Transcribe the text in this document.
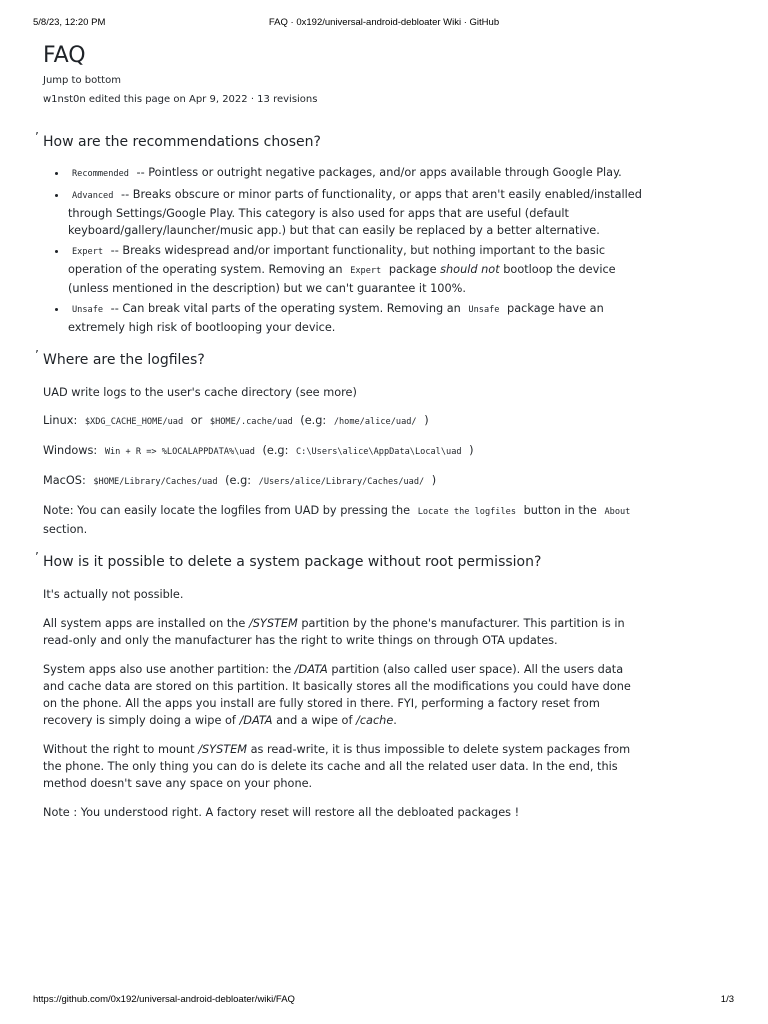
5/8/23, 12:20 PM	FAQ · 0x192/universal-android-debloater Wiki · GitHub
FAQ
Jump to bottom
w1nst0n edited this page on Apr 9, 2022 · 13 revisions
’ How are the recommendations chosen?
• Recommended -- Pointless or outright negative packages, and/or apps available through Google Play.
• Advanced -- Breaks obscure or minor parts of functionality, or apps that aren't easily enabled/installed through Settings/Google Play. This category is also used for apps that are useful (default keyboard/gallery/launcher/music app.) but that can easily be replaced by a better alternative.
• Expert -- Breaks widespread and/or important functionality, but nothing important to the basic operation of the operating system. Removing an Expert package should not bootloop the device (unless mentioned in the description) but we can't guarantee it 100%.
• Unsafe -- Can break vital parts of the operating system. Removing an Unsafe package have an extremely high risk of bootlooping your device.
’ Where are the logfiles?

UAD write logs to the user's cache directory (see more)

Linux: $XDG_CACHE_HOME/uad or $HOME/.cache/uad (e.g: /home/alice/uad/ )

Windows: Win + R => %LOCALAPPDATA%\uad (e.g: C:\Users\alice\AppData\Local\uad )

MacOS: $HOME/Library/Caches/uad (e.g: /Users/alice/Library/Caches/uad/ )

Note: You can easily locate the logfiles from UAD by pressing the Locate the logfiles button in the About section.

’ How is it possible to delete a system package without root permission?

It's actually not possible.

All system apps are installed on the /SYSTEM partition by the phone's manufacturer. This partition is in read-only and only the manufacturer has the right to write things on through OTA updates.

System apps also use another partition: the /DATA partition (also called user space). All the users data and cache data are stored on this partition. It basically stores all the modifications you could have done on the phone. All the apps you install are fully stored in there. FYI, performing a factory reset from recovery is simply doing a wipe of /DATA and a wipe of /cache.

Without the right to mount /SYSTEM as read-write, it is thus impossible to delete system packages from the phone. The only thing you can do is delete its cache and all the related user data. In the end, this method doesn't save any space on your phone.

Note : You understood right. A factory reset will restore all the debloated packages !

https://github.com/0x192/universal-android-debloater/wiki/FAQ	1/3
